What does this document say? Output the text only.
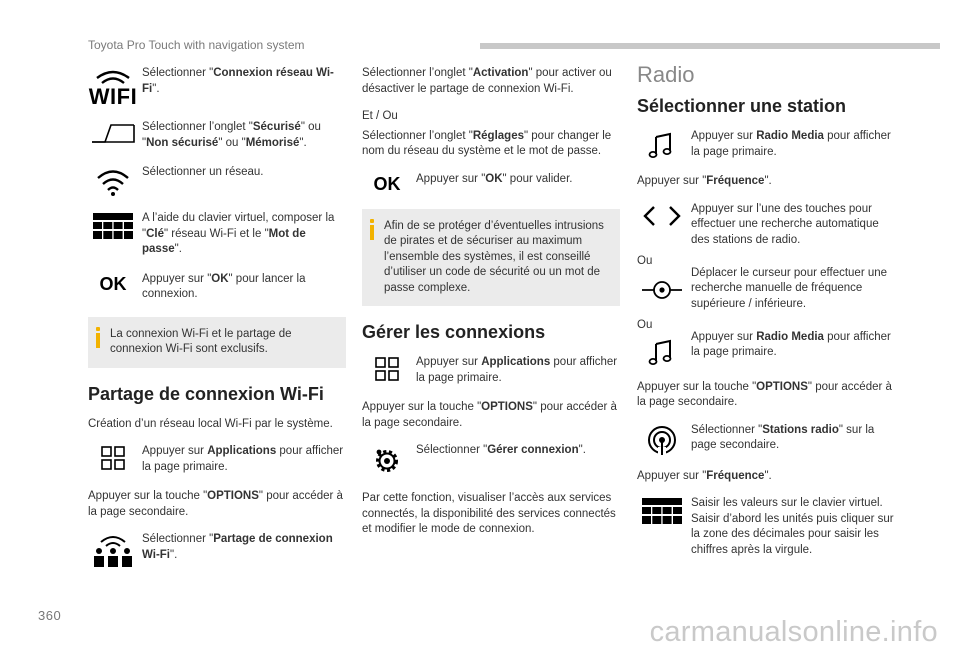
Toyota Pro Touch with navigation system
WIFI
Sélectionner "Connexion réseau Wi-Fi".
Sélectionner l’onglet "Sécurisé" ou "Non sécurisé" ou "Mémorisé".
Sélectionner un réseau.
A l’aide du clavier virtuel, composer la "Clé" réseau Wi-Fi et le "Mot de passe".
OK	Appuyer sur "OK" pour lancer la connexion.
La connexion Wi-Fi et le partage de connexion Wi-Fi sont exclusifs.
Partage de connexion Wi-Fi

Création d’un réseau local Wi-Fi par le système.

Appuyer sur Applications pour afficher la page primaire.

Appuyer sur la touche "OPTIONS" pour accéder à la page secondaire.

Sélectionner "Partage de connexion Wi-Fi".

Sélectionner l’onglet "Activation" pour activer ou désactiver le partage de connexion Wi-Fi.

Et / Ou

Sélectionner l’onglet "Réglages" pour changer le nom du réseau du système et le mot de passe.

OK	Appuyer sur "OK" pour valider.
Afin de se protéger d’éventuelles intrusions de pirates et de sécuriser au maximum l’ensemble des systèmes, il est conseillé d’utiliser un code de sécurité ou un mot de passe complexe.
Gérer les connexions
Appuyer sur Applications pour afficher la page primaire.

Appuyer sur la touche "OPTIONS" pour accéder à la page secondaire.

Sélectionner "Gérer connexion".

Par cette fonction, visualiser l’accès aux services connectés, la disponibilité des services connectés et modifier le mode de connexion.

Radio
Sélectionner une station
Appuyer sur Radio Media pour afficher la page primaire.

Appuyer sur "Fréquence".

Appuyer sur l’une des touches pour effectuer une recherche automatique des stations de radio.

Ou

Déplacer le curseur pour effectuer une recherche manuelle de fréquence supérieure / inférieure.

Ou

Appuyer sur Radio Media pour afficher la page primaire.

Appuyer sur la touche "OPTIONS" pour accéder à la page secondaire.

Sélectionner "Stations radio" sur la page secondaire.

Appuyer sur "Fréquence".

Saisir les valeurs sur le clavier virtuel.
Saisir d’abord les unités puis cliquer sur la zone des décimales pour saisir les chiffres après la virgule.
360
carmanualsonline.info
